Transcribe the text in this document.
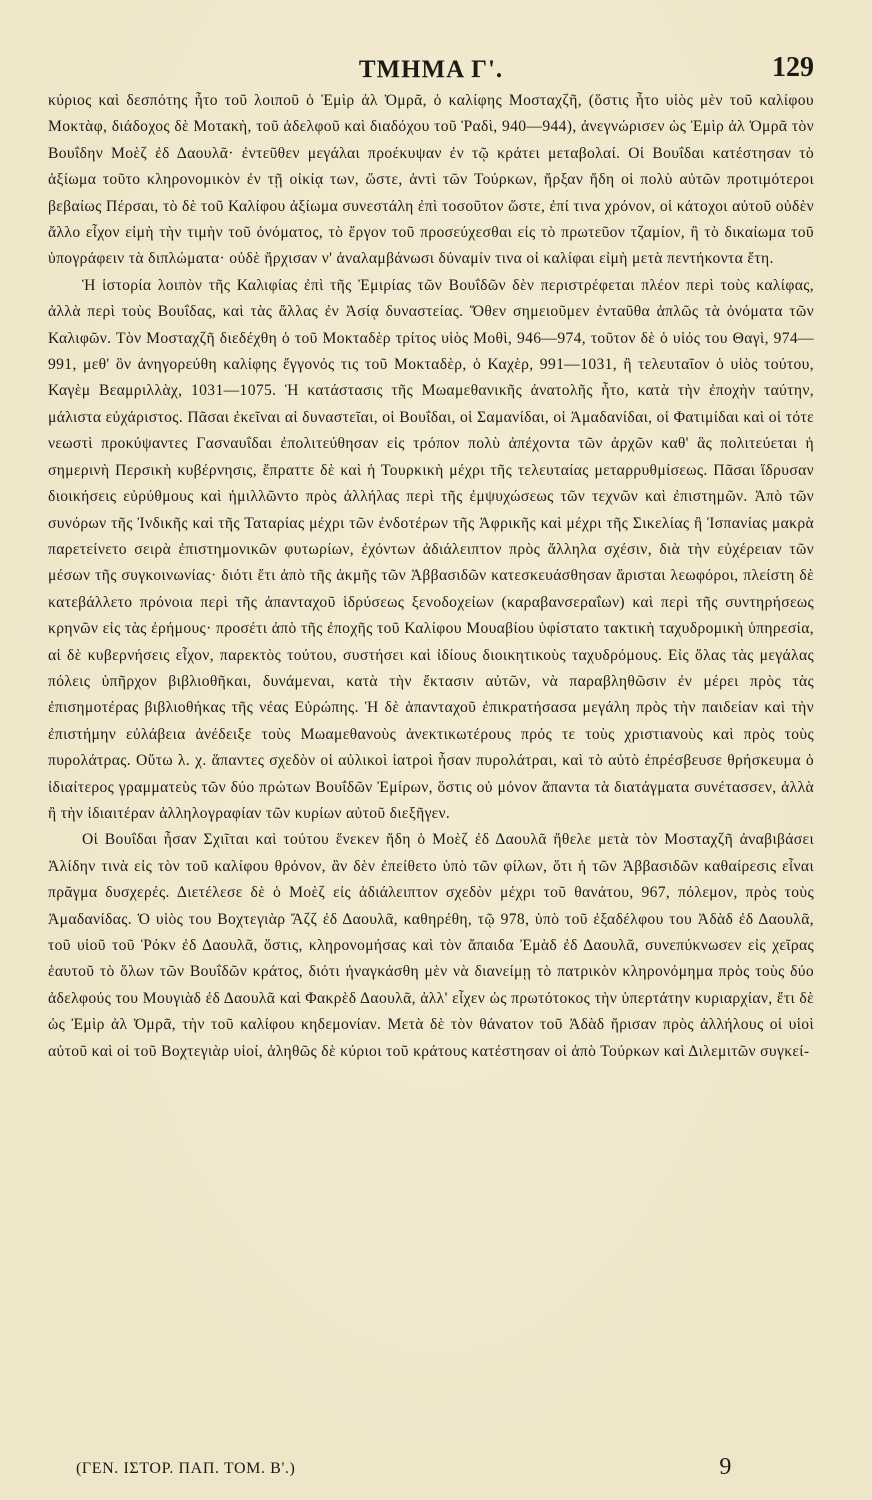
ΤΜΗΜΑ Γ'.	129

κύριος καὶ δεσπότης ἦτο τοῦ λοιποῦ ὁ Ἐμὶρ ἀλ Ὀμρᾶ, ὁ καλίφης Μοσταχζῆ, (ὅστις ἦτο υἱὸς μὲν τοῦ καλίφου Μοκτὰφ, διάδοχος δὲ Μοτακὴ, τοῦ ἀδελφοῦ καὶ διαδόχου τοῦ Ῥαδὶ, 940—944), ἀνεγνώρισεν ὡς Ἐμὶρ ἀλ Ὀμρᾶ τὸν Βουΐδην Μοὲζ ἐδ Δαουλᾶ· ἐντεῦθεν μεγάλαι προέκυψαν ἐν τῷ κράτει μεταβολαί. Οἱ Βουΐδαι κατέστησαν τὸ ἀξίωμα τοῦτο κληρονομικὸν ἐν τῇ οἰκίᾳ των, ὥστε, ἀντὶ τῶν Τούρκων, ἤρξαν ἤδη οἱ πολὺ αὐτῶν προτιμότεροι βεβαίως Πέρσαι, τὸ δὲ τοῦ Καλίφου ἀξίωμα συνεστάλη ἐπὶ τοσοῦτον ὥστε, ἐπί τινα χρόνον, οἱ κάτοχοι αὐτοῦ οὐδὲν ἄλλο εἶχον εἰμὴ τὴν τιμὴν τοῦ ὀνόματος, τὸ ἔργον τοῦ προσεύχεσθαι εἰς τὸ πρωτεῦον τζαμίον, ἢ τὸ δικαίωμα τοῦ ὑπογράφειν τὰ διπλώματα· οὐδὲ ἤρχισαν ν' ἀναλαμβάνωσι δύναμίν τινα οἱ καλίφαι εἰμὴ μετὰ πεντήκοντα ἔτη.

Ἡ ἱστορία λοιπὸν τῆς Καλιφίας ἐπὶ τῆς Ἐμιρίας τῶν Βουΐδῶν δὲν περιστρέφεται πλέον περὶ τοὺς καλίφας, ἀλλὰ περὶ τοὺς Βουΐδας, καὶ τὰς ἄλλας ἐν Ἀσίᾳ δυναστείας. Ὅθεν σημειοῦμεν ἐνταῦθα ἁπλῶς τὰ ὀνόματα τῶν Καλιφῶν. Τὸν Μοσταχζῆ διεδέχθη ὁ τοῦ Μοκταδὲρ τρίτος υἱὸς Μοθὶ, 946—974, τοῦτον δὲ ὁ υἱός του Θαγὶ, 974—991, μεθ' ὃν ἀνηγορεύθη καλίφης ἔγγονός τις τοῦ Μοκταδὲρ, ὁ Καχὲρ, 991—1031, ἢ τελευταῖον ὁ υἱὸς τούτου, Καγὲμ Βεαμριλλὰχ, 1031—1075. Ἡ κατάστασις τῆς Μωαμεθανικῆς ἀνατολῆς ἦτο, κατὰ τὴν ἐποχὴν ταύτην, μάλιστα εὐχάριστος. Πᾶσαι ἐκεῖναι αἱ δυναστεῖαι, οἱ Βουΐδαι, οἱ Σαμανίδαι, οἱ Ἀμαδανίδαι, οἱ Φατιμίδαι καὶ οἱ τότε νεωστὶ προκύψαντες Γασναυΐδαι ἐπολιτεύθησαν εἰς τρόπον πολὺ ἀπέχοντα τῶν ἀρχῶν καθ' ἃς πολιτεύεται ἡ σημερινὴ Περσικὴ κυβέρνησις, ἔπραττε δὲ καὶ ἡ Τουρκικὴ μέχρι τῆς τελευταίας μεταρρυθμίσεως. Πᾶσαι ἵδρυσαν διοικήσεις εὐρύθμους καὶ ἡμιλλῶντο πρὸς ἀλλήλας περὶ τῆς ἐμψυχώσεως τῶν τεχνῶν καὶ ἐπιστημῶν. Ἀπὸ τῶν συνόρων τῆς Ἰνδικῆς καὶ τῆς Ταταρίας μέχρι τῶν ἐνδοτέρων τῆς Ἀφρικῆς καὶ μέχρι τῆς Σικελίας ἢ Ἱσπανίας μακρὰ παρετείνετο σειρὰ ἐπιστημονικῶν φυτωρίων, ἐχόντων ἀδιάλειπτον πρὸς ἄλληλα σχέσιν, διὰ τὴν εὐχέρειαν τῶν μέσων τῆς συγκοινωνίας· διότι ἔτι ἀπὸ τῆς ἀκμῆς τῶν Ἀββασιδῶν κατεσκευάσθησαν ἄρισται λεωφόροι, πλείστη δὲ κατεβάλλετο πρόνοια περὶ τῆς ἁπανταχοῦ ἱδρύσεως ξενοδοχείων (καραβανσεραΐων) καὶ περὶ τῆς συντηρήσεως κρηνῶν εἰς τὰς ἐρήμους· προσέτι ἀπὸ τῆς ἐποχῆς τοῦ Καλίφου Μουαβίου ὑφίστατο τακτικὴ ταχυδρομικὴ ὑπηρεσία, αἱ δὲ κυβερνήσεις εἶχον, παρεκτὸς τούτου, συστήσει καὶ ἰδίους διοικητικοὺς ταχυδρόμους. Εἰς ὅλας τὰς μεγάλας πόλεις ὑπῆρχον βιβλιοθῆκαι, δυνάμεναι, κατὰ τὴν ἔκτασιν αὐτῶν, νὰ παραβληθῶσιν ἐν μέρει πρὸς τὰς ἐπισημοτέρας βιβλιοθήκας τῆς νέας Εὐρώπης. Ἡ δὲ ἁπανταχοῦ ἐπικρατήσασα μεγάλη πρὸς τὴν παιδείαν καὶ τὴν ἐπιστήμην εὐλάβεια ἀνέδειξε τοὺς Μωαμεθανοὺς ἀνεκτικωτέρους πρός τε τοὺς χριστιανοὺς καὶ πρὸς τοὺς πυρολάτρας. Οὕτω λ. χ. ἅπαντες σχεδὸν οἱ αὐλικοὶ ἰατροὶ ἦσαν πυρολάτραι, καὶ τὸ αὐτὸ ἐπρέσβευσε θρήσκευμα ὁ ἰδιαίτερος γραμματεὺς τῶν δύο πρώτων Βουΐδῶν Ἐμίρων, ὅστις οὐ μόνον ἅπαντα τὰ διατάγματα συνέτασσεν, ἀλλὰ ἢ τὴν ἰδιαιτέραν ἀλληλογραφίαν τῶν κυρίων αὐτοῦ διεξῆγεν.

Οἱ Βουΐδαι ἦσαν Σχιῖται καὶ τούτου ἕνεκεν ἤδη ὁ Μοὲζ ἐδ Δαουλᾶ ἤθελε μετὰ τὸν Μοσταχζῆ ἀναβιβάσει Ἀλίδην τινὰ εἰς τὸν τοῦ καλίφου θρόνον, ἂν δὲν ἐπείθετο ὑπὸ τῶν φίλων, ὅτι ἡ τῶν Ἀββασιδῶν καθαίρεσις εἶναι πρᾶγμα δυσχερές. Διετέλεσε δὲ ὁ Μοὲζ εἰς ἀδιάλειπτον σχεδὸν μέχρι τοῦ θανάτου, 967, πόλεμον, πρὸς τοὺς Ἀμαδανίδας. Ὁ υἱὸς του Βοχτεγιὰρ Ἄζζ ἐδ Δαουλᾶ, καθηρέθη, τῷ 978, ὑπὸ τοῦ ἐξαδέλφου του Ἀδὰδ ἐδ Δαουλᾶ, τοῦ υἱοῦ τοῦ Ῥόκν ἐδ Δαουλᾶ, ὅστις, κληρονομήσας καὶ τὸν ἄπαιδα Ἐμὰδ ἐδ Δαουλᾶ, συνεπύκνωσεν εἰς χεῖρας ἑαυτοῦ τὸ ὅλων τῶν Βουΐδῶν κράτος, διότι ἠναγκάσθη μὲν νὰ διανείμῃ τὸ πατρικὸν κληρονόμημα πρὸς τοὺς δύο ἀδελφούς του Μουγιὰδ ἐδ Δαουλᾶ καὶ Φακρὲδ Δαουλᾶ, ἀλλ' εἶχεν ὡς πρωτότοκος τὴν ὑπερτάτην κυριαρχίαν, ἔτι δὲ ὡς Ἐμὶρ ἀλ Ὀμρᾶ, τὴν τοῦ καλίφου κηδεμονίαν. Μετὰ δὲ τὸν θάνατον τοῦ Ἀδὰδ ἤρισαν πρὸς ἀλλήλους οἱ υἱοὶ αὐτοῦ καὶ οἱ τοῦ Βοχτεγιὰρ υἱοί, ἀληθῶς δὲ κύριοι τοῦ κράτους κατέστησαν οἱ ἀπὸ Τούρκων καὶ Διλεμιτῶν συγκεί-

(ΓΕΝ. ΙΣΤΟΡ. ΠΑΠ. ΤΟΜ. Β'.)	9
